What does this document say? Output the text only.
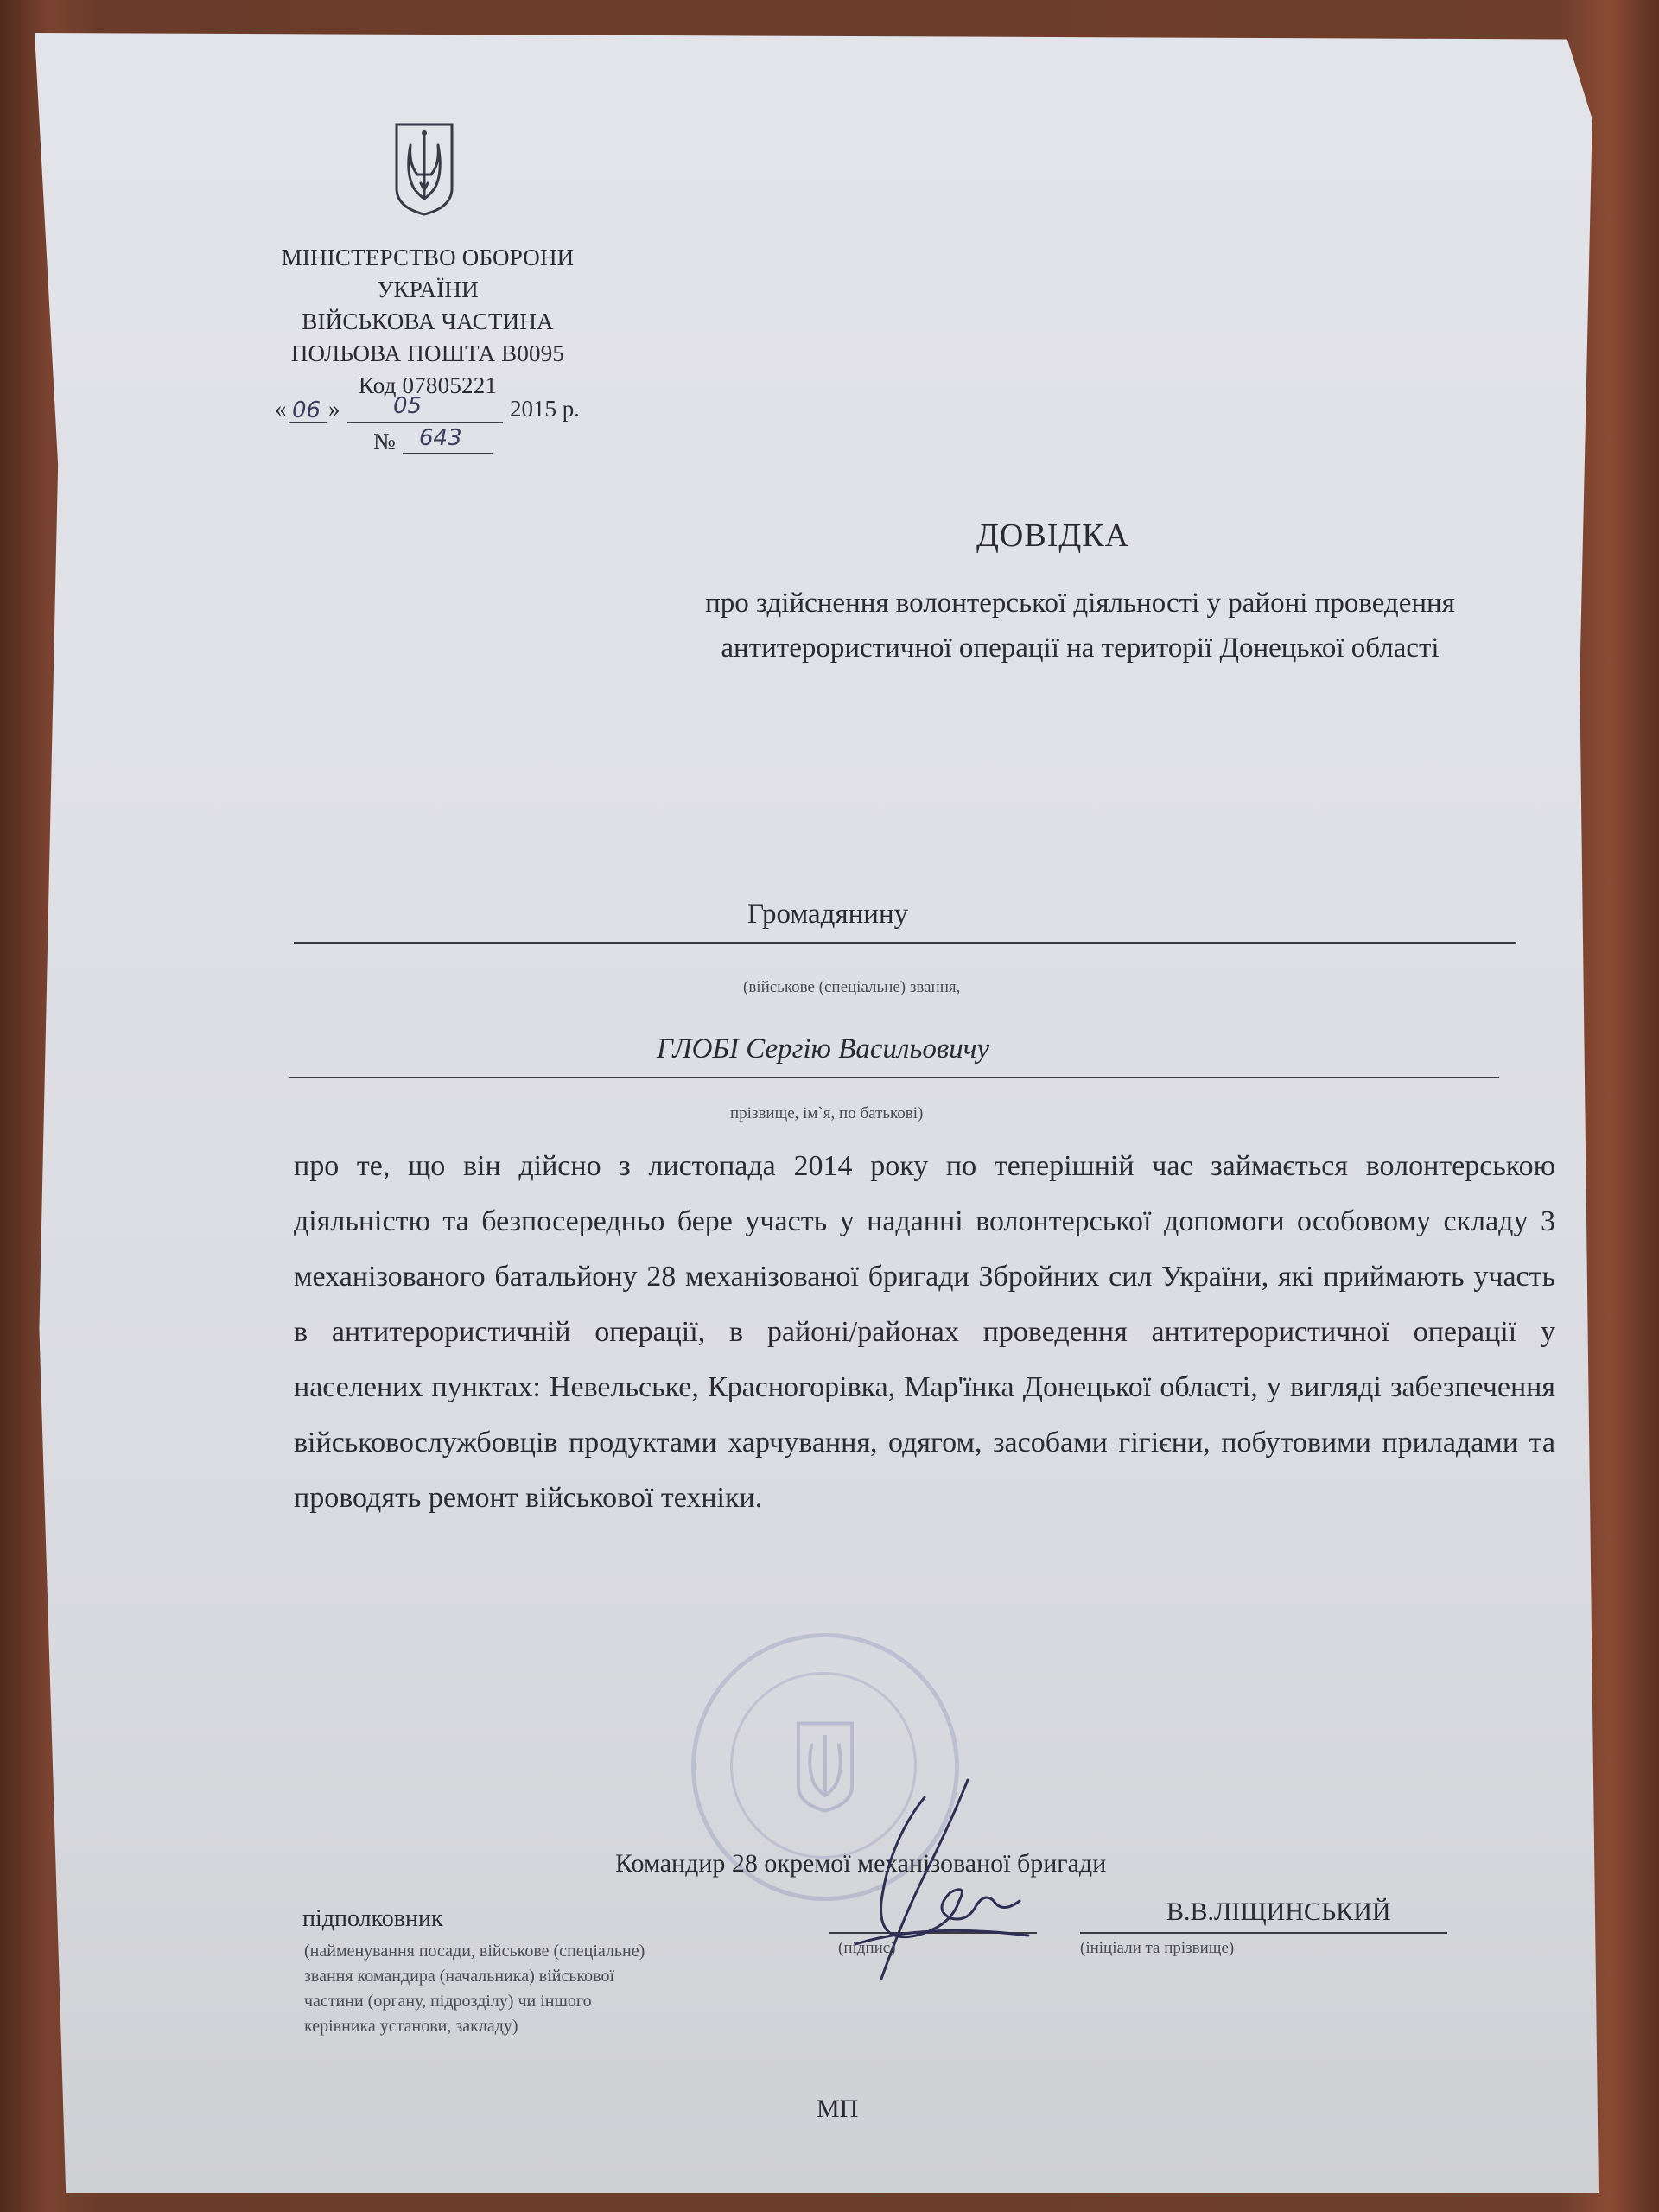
МІНІСТЕРСТВО ОБОРОНИ
УКРАЇНИ
ВІЙСЬКОВА ЧАСТИНА
ПОЛЬОВА ПОШТА В0095
Код 07805221
« 06 » 05	2015 р.
№ 643
ДОВІДКА
про здійснення волонтерської діяльності у районі проведення антитерористичної операції на території Донецької області
Громадянину
(військове (спеціальне) звання,
ГЛОБІ Сергію Васильовичу
прізвище, ім`я, по батькові)
про те, що він дійсно з листопада 2014 року по теперішній час займається волонтерською діяльністю та безпосередньо бере участь у наданні волонтерської допомоги особовому складу 3 механізованого батальйону 28 механізованої бригади Збройних сил України, які приймають участь в антитерористичній операції, в районі/районах проведення антитерористичної операції у населених пунктах: Невельське, Красногорівка, Мар'їнка Донецької області, у вигляді забезпечення військовослужбовців продуктами харчування, одягом, засобами гігієни, побутовими приладами та проводять ремонт військової техніки.
Командир 28 окремої механізованої бригади
підполковник
(найменування посади, військове (спеціальне) звання командира (начальника) військової частини (органу, підрозділу) чи іншого керівника установи, закладу)
(підпис)
В.В.ЛІЩИНСЬКИЙ
(ініціали та прізвище)
МП
